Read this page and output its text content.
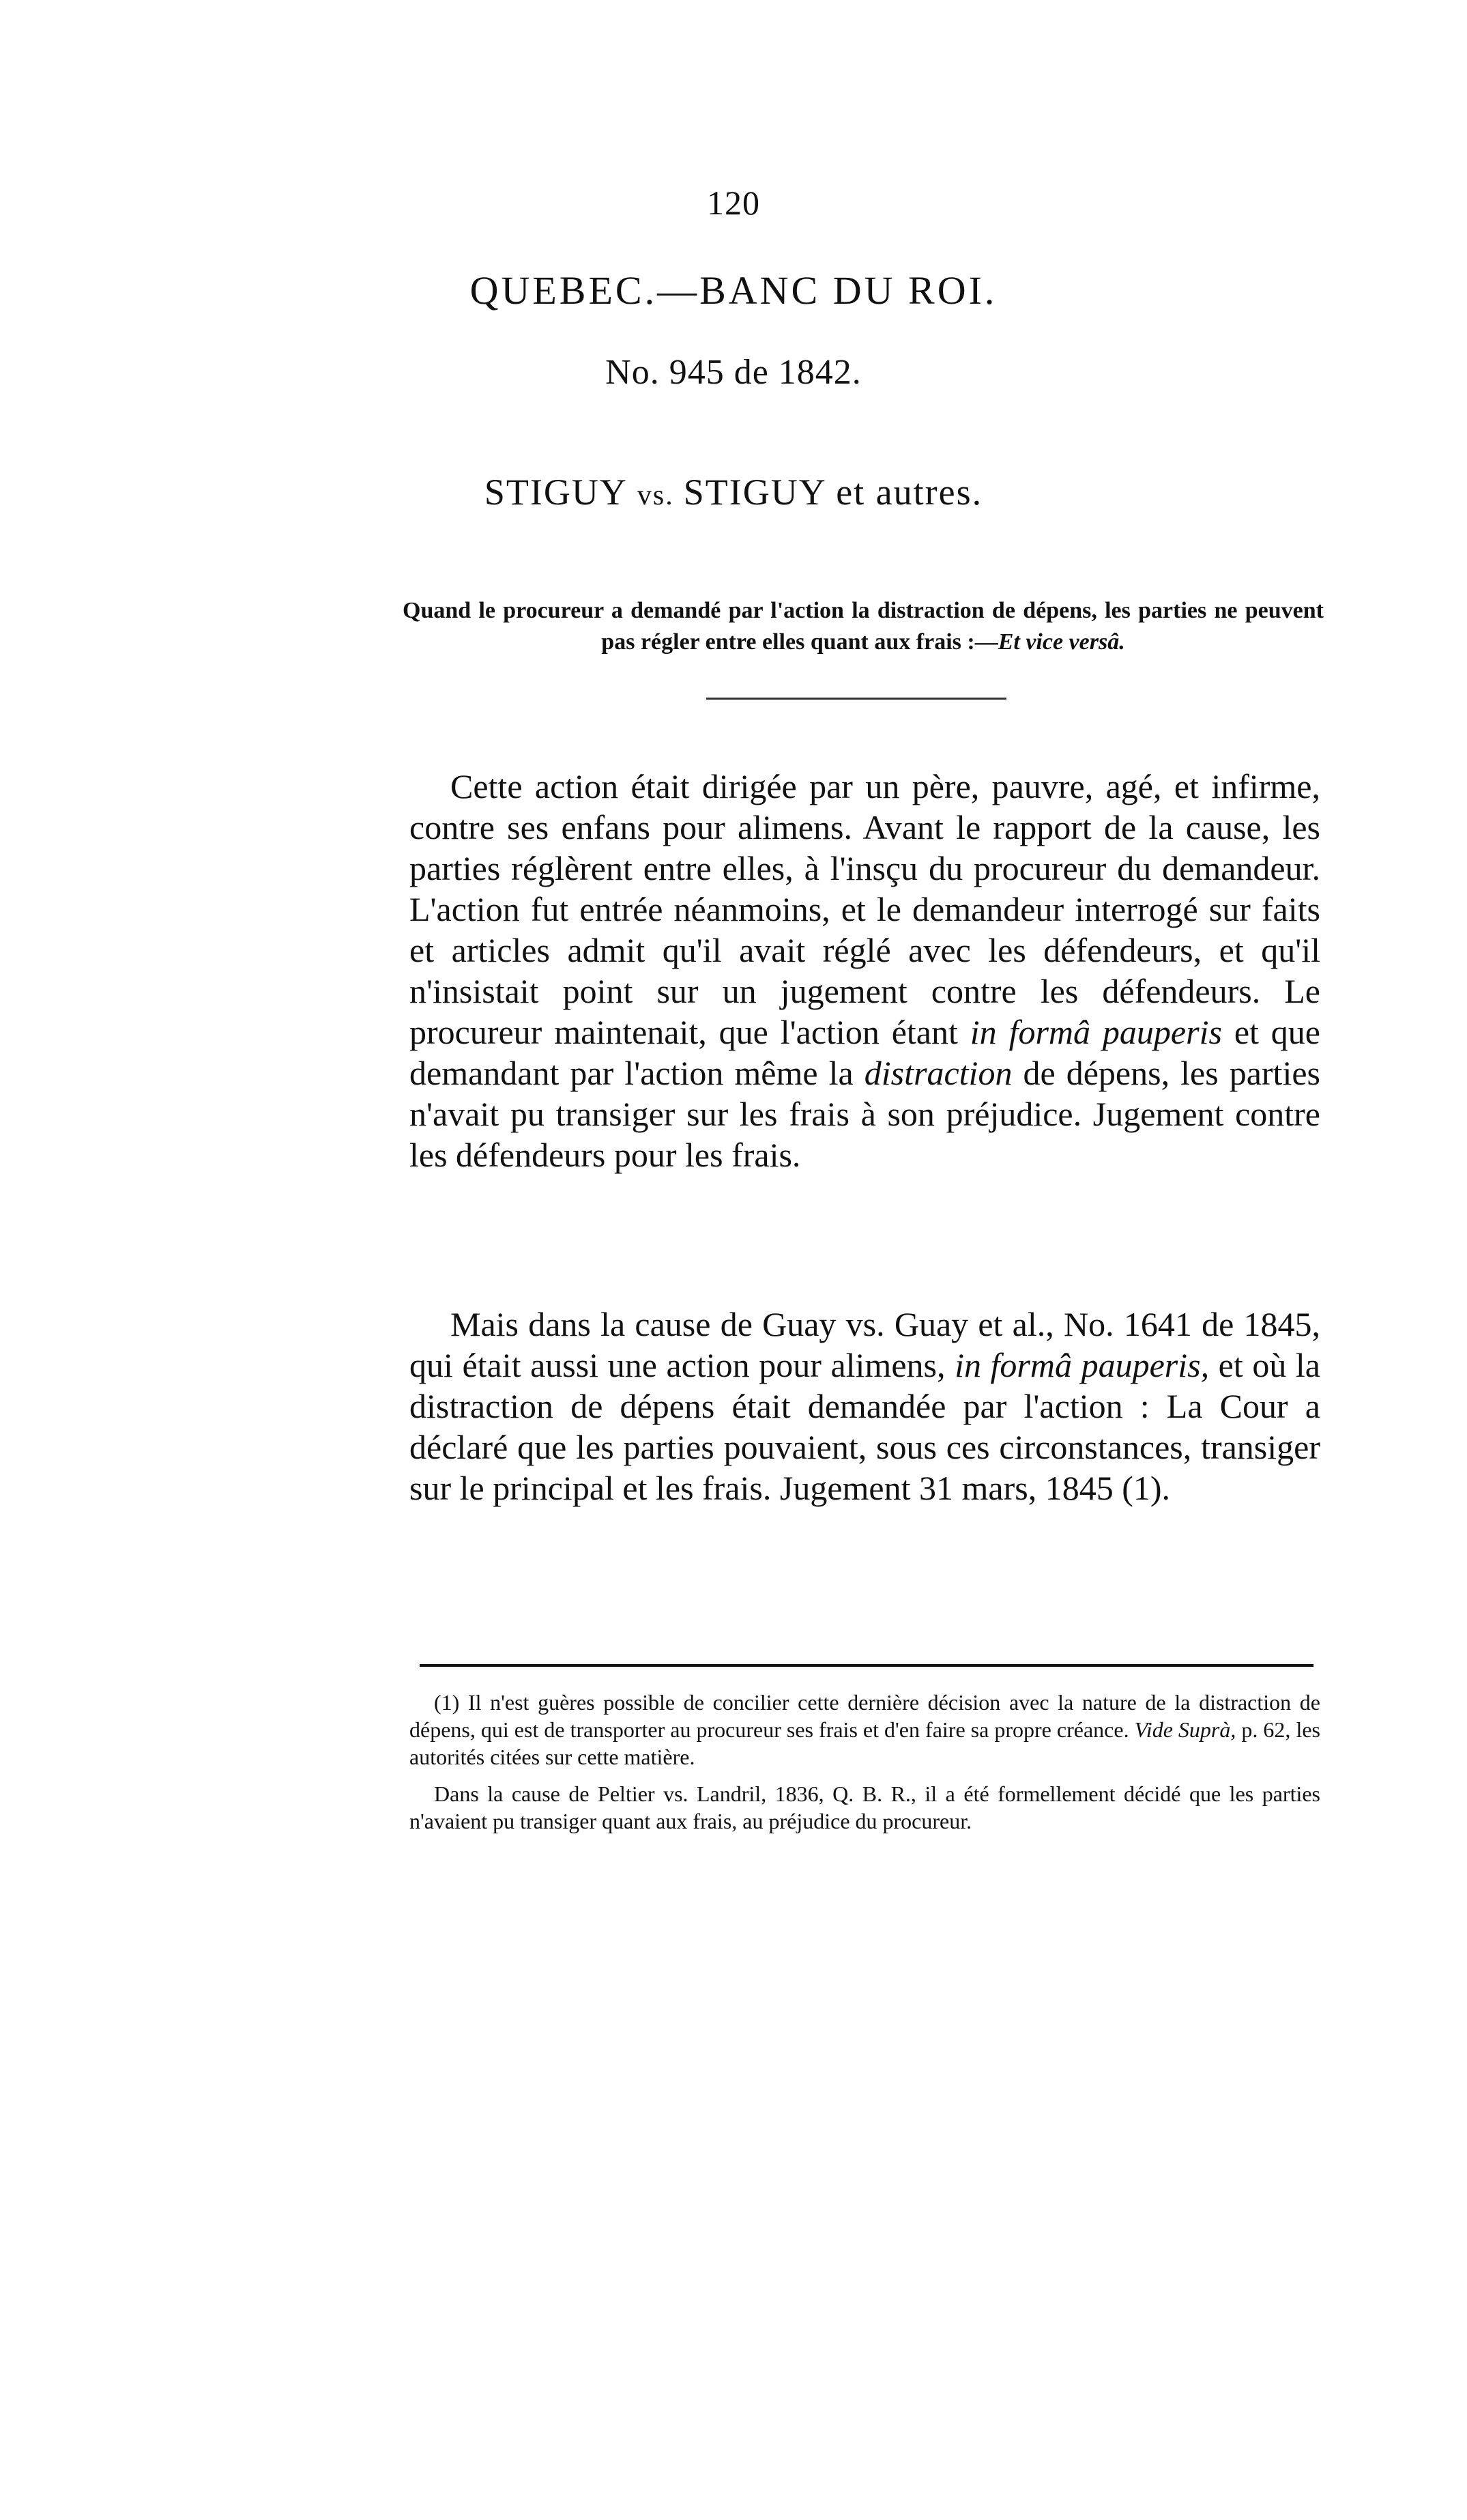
120
QUEBEC.—BANC DU ROI.
No. 945 de 1842.
STIGUY vs. STIGUY et autres.
Quand le procureur a demandé par l'action la distraction de dépens, les parties ne peuvent pas régler entre elles quant aux frais :—Et vice versâ.

Cette action était dirigée par un père, pauvre, agé, et infirme, contre ses enfans pour alimens. Avant le rapport de la cause, les parties réglèrent entre elles, à l'insçu du procureur du demandeur. L'action fut entrée néanmoins, et le demandeur interrogé sur faits et articles admit qu'il avait réglé avec les défendeurs, et qu'il n'insistait point sur un jugement contre les défendeurs. Le procureur maintenait, que l'action étant in formâ pauperis et que demandant par l'action même la distraction de dépens, les parties n'avait pu transiger sur les frais à son préjudice. Jugement contre les défendeurs pour les frais.

Mais dans la cause de Guay vs. Guay et al., No. 1641 de 1845, qui était aussi une action pour alimens, in formâ pauperis, et où la distraction de dépens était demandée par l'action : La Cour a déclaré que les parties pouvaient, sous ces circonstances, transiger sur le principal et les frais. Jugement 31 mars, 1845 (1).

(1) Il n'est guères possible de concilier cette dernière décision avec la nature de la distraction de dépens, qui est de transporter au procureur ses frais et d'en faire sa propre créance. Vide Suprà, p. 62, les autorités citées sur cette matière.

Dans la cause de Peltier vs. Landril, 1836, Q. B. R., il a été formellement décidé que les parties n'avaient pu transiger quant aux frais, au préjudice du procureur.
